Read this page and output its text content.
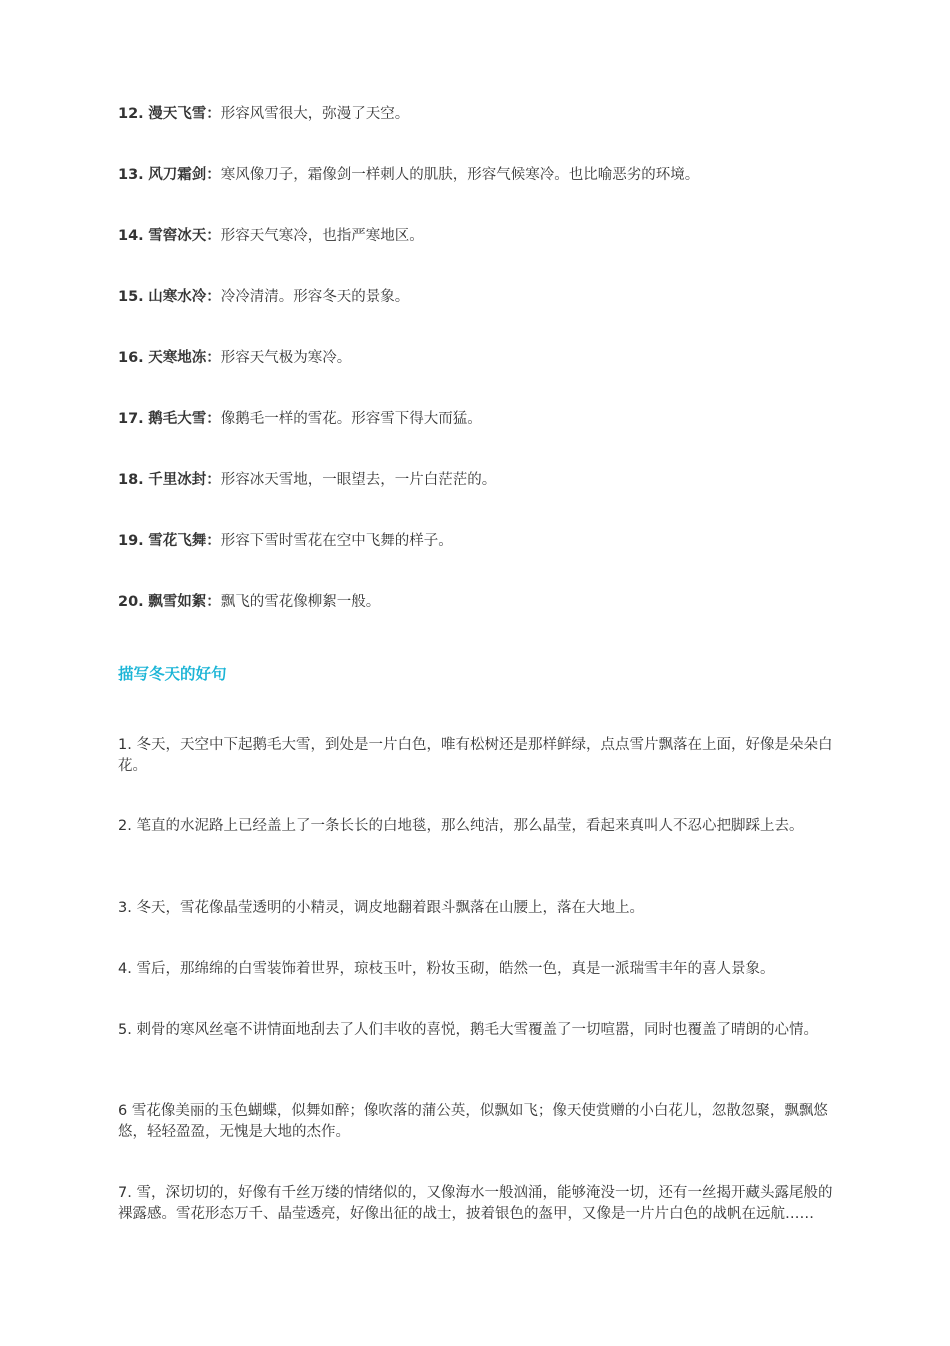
12. 漫天飞雪：形容风雪很大，弥漫了天空。
13. 风刀霜剑：寒风像刀子，霜像剑一样刺人的肌肤，形容气候寒冷。也比喻恶劣的环境。
14. 雪窖冰天：形容天气寒冷，也指严寒地区。
15. 山寒水冷：冷冷清清。形容冬天的景象。
16. 天寒地冻：形容天气极为寒冷。
17. 鹅毛大雪：像鹅毛一样的雪花。形容雪下得大而猛。
18. 千里冰封：形容冰天雪地，一眼望去，一片白茫茫的。
19. 雪花飞舞：形容下雪时雪花在空中飞舞的样子。
20. 飘雪如絮：飘飞的雪花像柳絮一般。
描写冬天的好句
1. 冬天，天空中下起鹅毛大雪，到处是一片白色，唯有松树还是那样鲜绿，点点雪片飘落在上面，好像是朵朵白花。
2. 笔直的水泥路上已经盖上了一条长长的白地毯，那么纯洁，那么晶莹，看起来真叫人不忍心把脚踩上去。
3. 冬天，雪花像晶莹透明的小精灵，调皮地翻着跟斗飘落在山腰上，落在大地上。
4. 雪后，那绵绵的白雪装饰着世界，琼枝玉叶，粉妆玉砌，皓然一色，真是一派瑞雪丰年的喜人景象。
5. 刺骨的寒风丝毫不讲情面地刮去了人们丰收的喜悦，鹅毛大雪覆盖了一切喧嚣，同时也覆盖了晴朗的心情。
6 雪花像美丽的玉色蝴蝶，似舞如醉；像吹落的蒲公英，似飘如飞；像天使赏赠的小白花儿，忽散忽聚，飘飘悠悠，轻轻盈盈，无愧是大地的杰作。
7. 雪，深切切的，好像有千丝万缕的情绪似的，又像海水一般汹涌，能够淹没一切，还有一丝揭开藏头露尾般的裸露感。雪花形态万千、晶莹透亮，好像出征的战士，披着银色的盔甲，又像是一片片白色的战帆在远航……
